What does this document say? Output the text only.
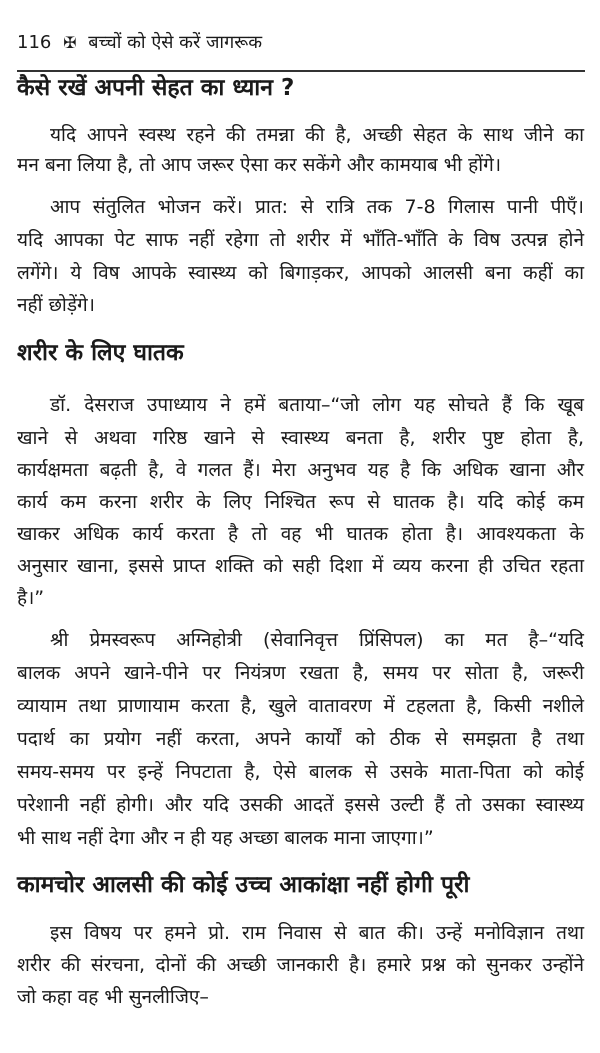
116 ✠ बच्चों को ऐसे करें जागरूक
कैसे रखें अपनी सेहत का ध्यान ?
यदि आपने स्वस्थ रहने की तमन्ना की है, अच्छी सेहत के साथ जीने का
मन बना लिया है, तो आप जरूर ऐसा कर सकेंगे और कामयाब भी होंगे।
आप संतुलित भोजन करें। प्रात: से रात्रि तक 7-8 गिलास पानी पीएँ।
यदि आपका पेट साफ नहीं रहेगा तो शरीर में भाँति-भाँति के विष उत्पन्न होने
लगेंगे। ये विष आपके स्वास्थ्य को बिगाड़कर, आपको आलसी बना कहीं का
नहीं छोड़ेंगे।
शरीर के लिए घातक
डॉ. देसराज उपाध्याय ने हमें बताया–“जो लोग यह सोचते हैं कि खूब
खाने से अथवा गरिष्ठ खाने से स्वास्थ्य बनता है, शरीर पुष्ट होता है,
कार्यक्षमता बढ़ती है, वे गलत हैं। मेरा अनुभव यह है कि अधिक खाना और
कार्य कम करना शरीर के लिए निश्चित रूप से घातक है। यदि कोई कम
खाकर अधिक कार्य करता है तो वह भी घातक होता है। आवश्यकता के
अनुसार खाना, इससे प्राप्त शक्ति को सही दिशा में व्यय करना ही उचित रहता
है।”
श्री प्रेमस्वरूप अग्निहोत्री (सेवानिवृत्त प्रिंसिपल) का मत है–“यदि
बालक अपने खाने-पीने पर नियंत्रण रखता है, समय पर सोता है, जरूरी
व्यायाम तथा प्राणायाम करता है, खुले वातावरण में टहलता है, किसी नशीले
पदार्थ का प्रयोग नहीं करता, अपने कार्यों को ठीक से समझता है तथा
समय-समय पर इन्हें निपटाता है, ऐसे बालक से उसके माता-पिता को कोई
परेशानी नहीं होगी। और यदि उसकी आदतें इससे उल्टी हैं तो उसका स्वास्थ्य
भी साथ नहीं देगा और न ही यह अच्छा बालक माना जाएगा।”
कामचोर आलसी की कोई उच्च आकांक्षा नहीं होगी पूरी
इस विषय पर हमने प्रो. राम निवास से बात की। उन्हें मनोविज्ञान तथा
शरीर की संरचना, दोनों की अच्छी जानकारी है। हमारे प्रश्न को सुनकर उन्होंने
जो कहा वह भी सुनलीजिए–
